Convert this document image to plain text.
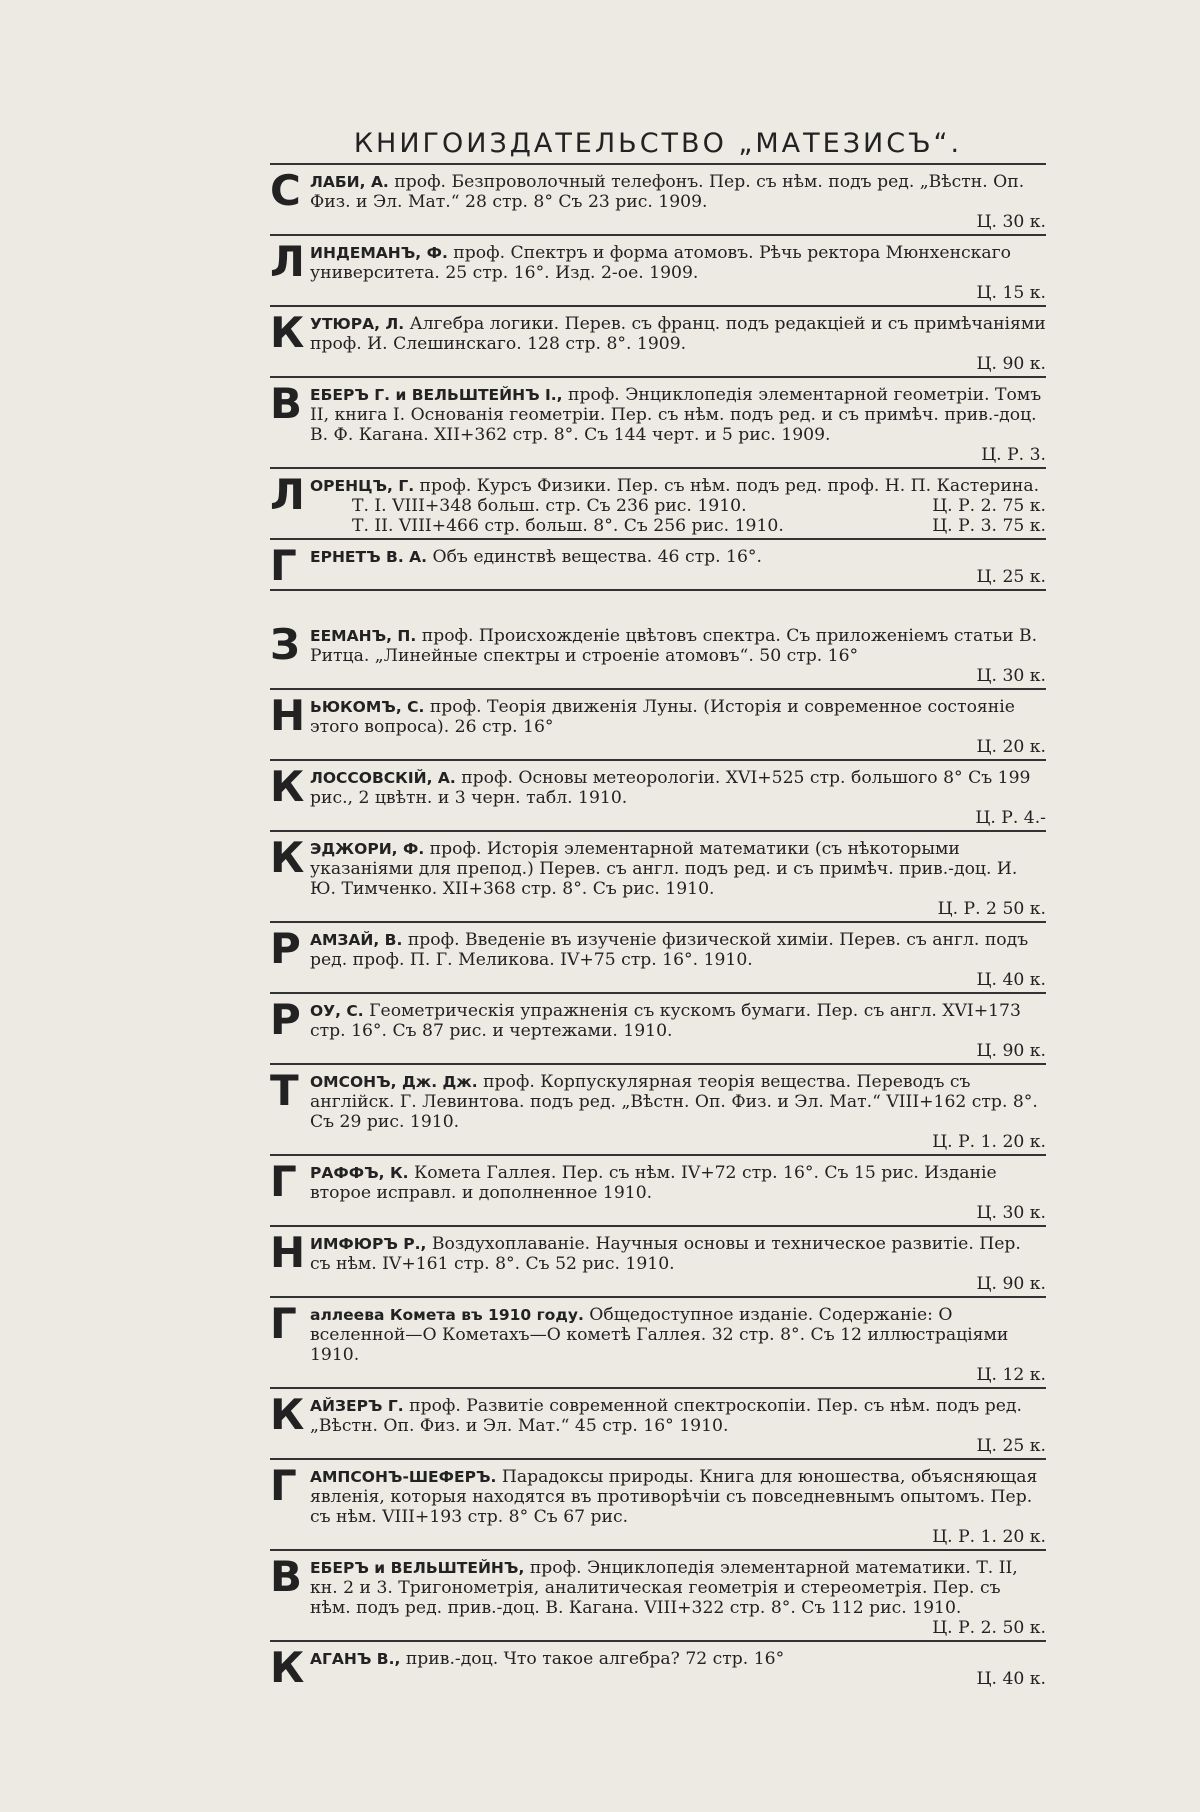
КНИГОИЗДАТЕЛЬСТВО „МАТЕЗИСЪ“.
С ЛАБИ, А. проф. Безпроволочный телефонъ. Пер. съ нѣм. подъ ред. „Вѣстн. Оп. Физ. и Эл. Мат.“ 28 стр. 8° Съ 23 рис. 1909.
Ц. 30 к.
Л ИНДЕМАНЪ, Ф. проф. Спектръ и форма атомовъ. Рѣчь ректора Мюнхенскаго университета. 25 стр. 16°. Изд. 2-ое. 1909.
Ц. 15 к.
К УТЮРА, Л. Алгебра логики. Перев. съ франц. подъ редакціей и съ примѣчаніями проф. И. Слешинскаго. 128 стр. 8°. 1909.
Ц. 90 к.
В ЕБЕРЪ Г. и ВЕЛЬШТЕЙНЪ І., проф. Энциклопедія элементарной геометріи. Томъ II, книга I. Основанія геометріи. Пер. съ нѣм. подъ ред. и съ примѣч. прив.-доц. В. Ф. Кагана. XII+362 стр. 8°. Съ 144 черт. и 5 рис. 1909.
Ц. Р. 3.
Л ОРЕНЦЪ, Г. проф. Курсъ Физики. Пер. съ нѣм. подъ ред. проф. Н. П. Кастерина.
Ц. Р. 2. 75 к.
Т. I. VIII+348 больш. стр. Съ 236 рис. 1910.
Ц. Р. 3. 75 к.
Т. II. VIII+466 стр. больш. 8°. Съ 256 рис. 1910.
Г ЕРНЕТЪ В. А. Объ единствѣ вещества. 46 стр. 16°.
Ц. 25 к.
З ЕЕМАНЪ, П. проф. Происхожденіе цвѣтовъ спектра. Съ приложеніемъ статьи В. Ритца. „Линейные спектры и строеніе атомовъ“. 50 стр. 16°
Ц. 30 к.
Н ЬЮКОМЪ, С. проф. Теорія движенія Луны. (Исторія и современное состояніе этого вопроса). 26 стр. 16°
Ц. 20 к.
К ЛОССОВСКІЙ, А. проф. Основы метеорологіи. XVI+525 стр. большого 8° Съ 199 рис., 2 цвѣтн. и 3 черн. табл. 1910.
Ц. Р. 4.-
К ЭДЖОРИ, Ф. проф. Исторія элементарной математики (съ нѣкоторыми указаніями для препод.) Перев. съ англ. подъ ред. и съ примѣч. прив.-доц. И. Ю. Тимченко. XII+368 стр. 8°. Съ рис. 1910.
Ц. Р. 2 50 к.
Р АМЗАЙ, В. проф. Введеніе въ изученіе физической химіи. Перев. съ англ. подъ ред. проф. П. Г. Меликова. IV+75 стр. 16°. 1910.
Ц. 40 к.
Р ОУ, С. Геометрическія упражненія съ кускомъ бумаги. Пер. съ англ. XVI+173 стр. 16°. Съ 87 рис. и чертежами. 1910.
Ц. 90 к.
Т ОМСОНЪ, Дж. Дж. проф. Корпускулярная теорія вещества. Переводъ съ англійск. Г. Левинтова. подъ ред. „Вѣстн. Оп. Физ. и Эл. Мат.“ VIII+162 стр. 8°. Съ 29 рис. 1910.
Ц. Р. 1. 20 к.
Г РАФФЪ, К. Комета Галлея. Пер. съ нѣм. IV+72 стр. 16°. Съ 15 рис. Изданіе второе исправл. и дополненное 1910.
Ц. 30 к.
Н ИМФЮРЪ Р., Воздухоплаваніе. Научныя основы и техническое развитіе. Пер. съ нѣм. IV+161 стр. 8°. Съ 52 рис. 1910.
Ц. 90 к.
Г аллеева Комета въ 1910 году. Общедоступное изданіе. Содержаніе: О вселенной—О Кометахъ—О кометѣ Галлея. 32 стр. 8°. Съ 12 иллюстраціями 1910.
Ц. 12 к.
К АЙЗЕРЪ Г. проф. Развитіе современной спектроскопіи. Пер. съ нѣм. подъ ред. „Вѣстн. Оп. Физ. и Эл. Мат.“ 45 стр. 16° 1910.
Ц. 25 к.
Г АМПСОНЪ-ШЕФЕРЪ. Парадоксы природы. Книга для юношества, объясняющая явленія, которыя находятся въ противорѣчіи съ повседневнымъ опытомъ. Пер. съ нѣм. VIII+193 стр. 8° Съ 67 рис.
Ц. Р. 1. 20 к.
В ЕБЕРЪ и ВЕЛЬШТЕЙНЪ, проф. Энциклопедія элементарной математики. Т. II, кн. 2 и 3. Тригонометрія, аналитическая геометрія и стереометрія. Пер. съ нѣм. подъ ред. прив.-доц. В. Кагана. VIII+322 стр. 8°. Съ 112 рис. 1910.
Ц. Р. 2. 50 к.
К АГАНЪ В., прив.-доц. Что такое алгебра? 72 стр. 16°
Ц. 40 к.
